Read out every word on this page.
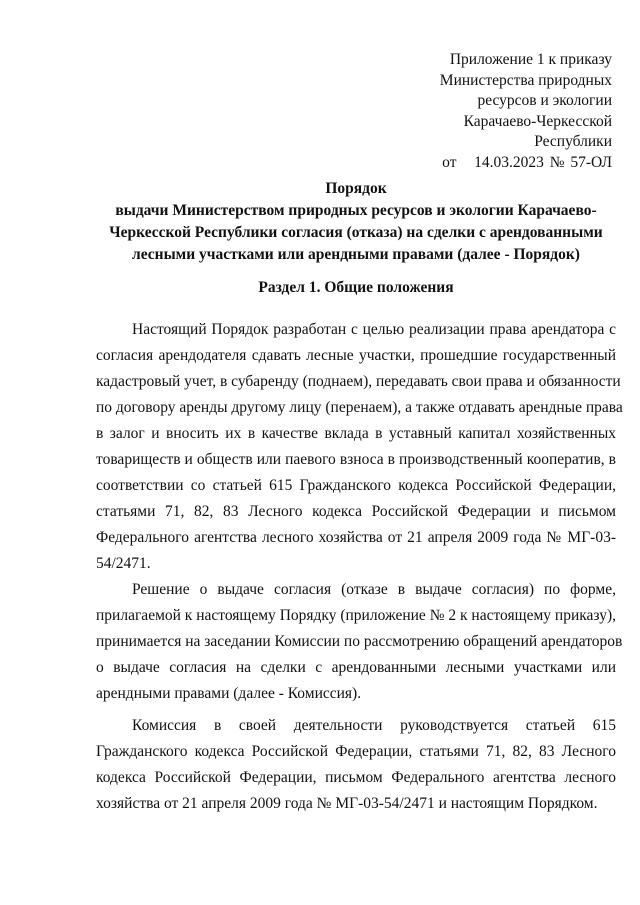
Приложение 1 к приказу
Министерства природных
ресурсов и экологии
Карачаево-Черкесской
Республики
от   14.03.2023 № 57-ОЛ
Порядок
выдачи Министерством природных ресурсов и экологии Карачаево-
Черкесской Республики согласия (отказа) на сделки с арендованными
лесными участками или арендными правами (далее - Порядок)
Раздел 1. Общие положения
Настоящий Порядок разработан с целью реализации права арендатора с
согласия арендодателя сдавать лесные участки, прошедшие государственный
кадастровый учет, в субаренду (поднаем), передавать свои права и обязанности
по договору аренды другому лицу (перенаем), а также отдавать арендные права
в залог и вносить их в качестве вклада в уставный капитал хозяйственных
товариществ и обществ или паевого взноса в производственный кооператив, в
соответствии со статьей 615 Гражданского кодекса Российской Федерации,
статьями 71, 82, 83 Лесного кодекса Российской Федерации и письмом
Федерального агентства лесного хозяйства от 21 апреля 2009 года № МГ-03-
54/2471.
Решение о выдаче согласия (отказе в выдаче согласия) по форме,
прилагаемой к настоящему Порядку (приложение № 2 к настоящему приказу),
принимается на заседании Комиссии по рассмотрению обращений арендаторов
о выдаче согласия на сделки с арендованными лесными участками или
арендными правами (далее - Комиссия).
Комиссия в своей деятельности руководствуется статьей 615
Гражданского кодекса Российской Федерации, статьями 71, 82, 83 Лесного
кодекса Российской Федерации, письмом Федерального агентства лесного
хозяйства от 21 апреля 2009 года № МГ-03-54/2471 и настоящим Порядком.
